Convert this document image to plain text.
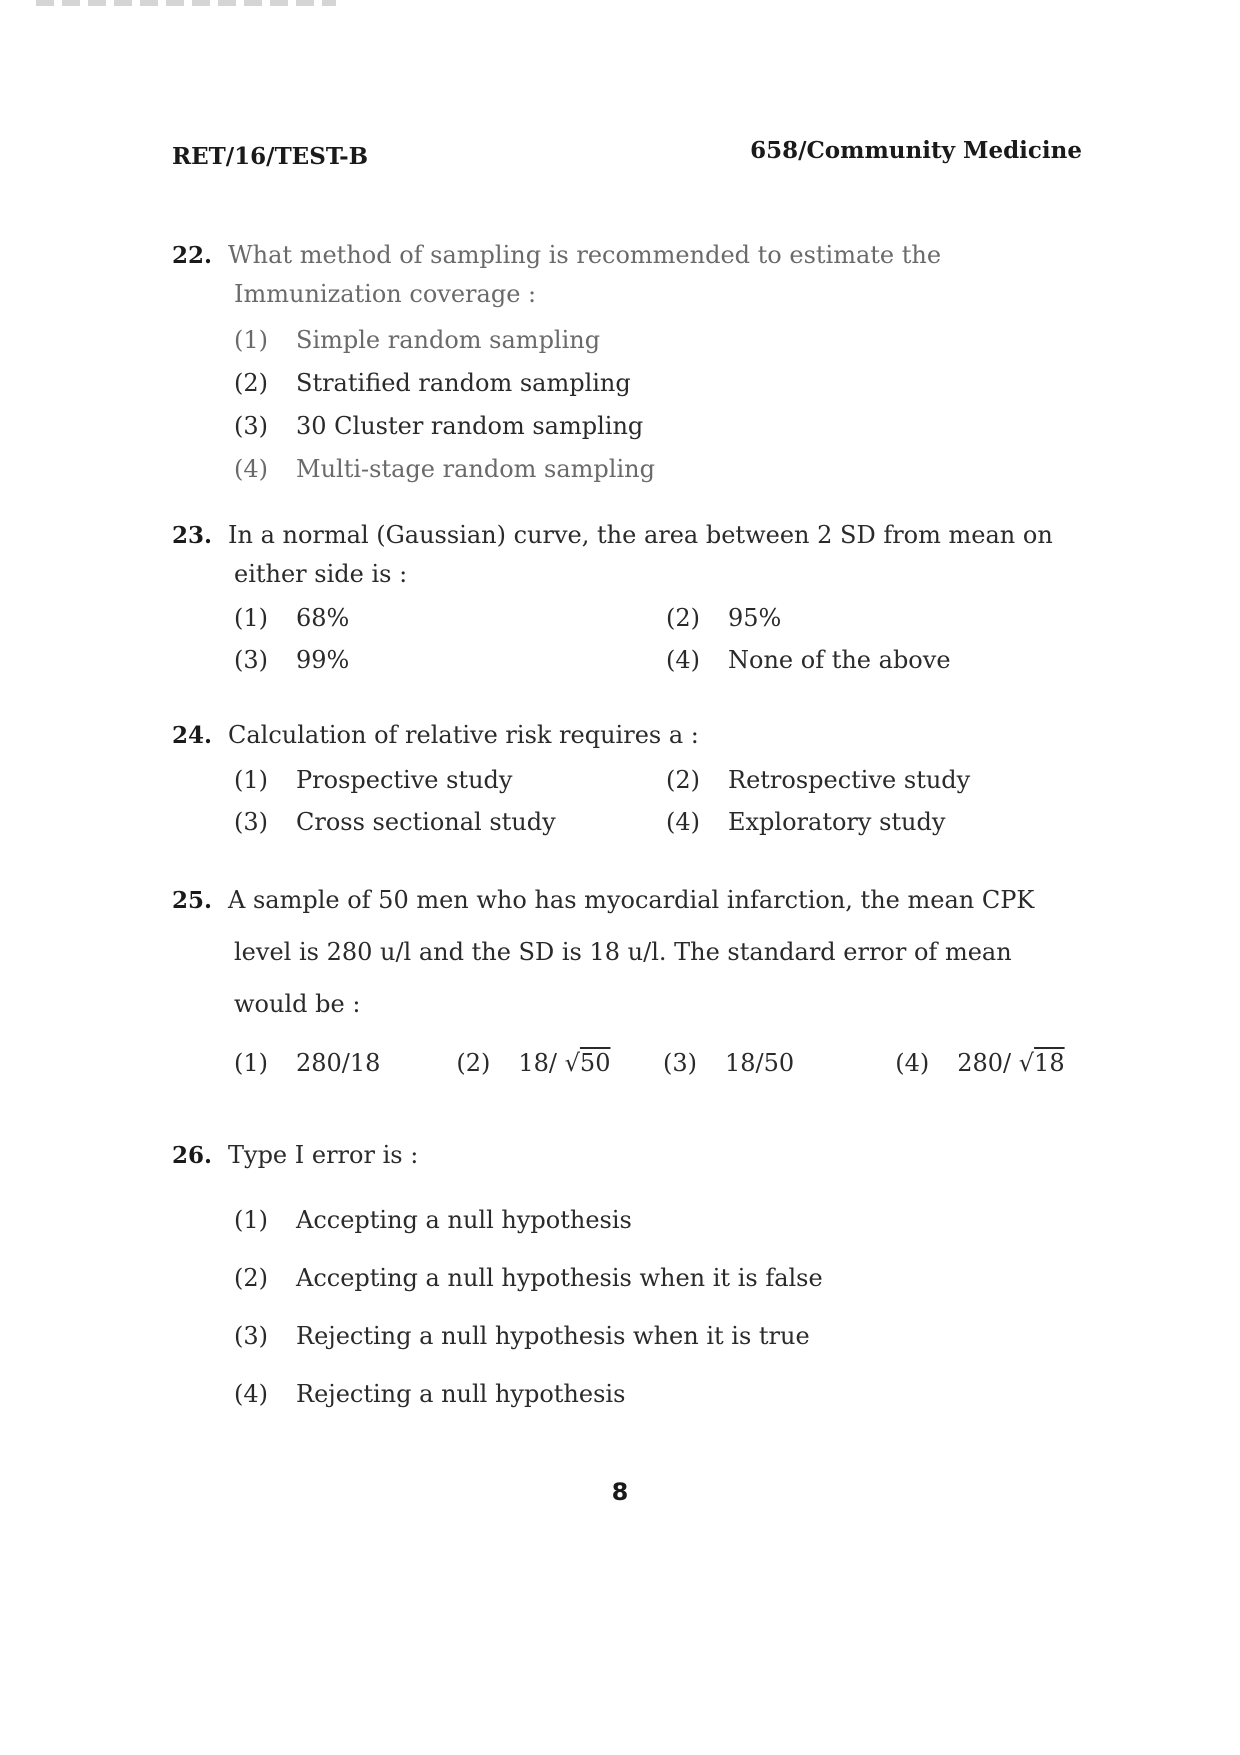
RET/16/TEST-B	658/Community Medicine
22. What method of sampling is recommended to estimate the
Immunization coverage :
(1) Simple random sampling
(2) Stratified random sampling
(3) 30 Cluster random sampling
(4) Multi-stage random sampling
23. In a normal (Gaussian) curve, the area between 2 SD from mean on
either side is :
(1) 68%	(2) 95%
(3) 99%	(4) None of the above
24. Calculation of relative risk requires a :
(1) Prospective study	(2) Retrospective study
(3) Cross sectional study	(4) Exploratory study
25. A sample of 50 men who has myocardial infarction, the mean CPK
level is 280 u/l and the SD is 18 u/l. The standard error of mean
would be :
(1) 280/18	(2) 18/ √50	(3) 18/50	(4) 280/ √18
26. Type I error is :
(1) Accepting a null hypothesis
(2) Accepting a null hypothesis when it is false
(3) Rejecting a null hypothesis when it is true
(4) Rejecting a null hypothesis
8
